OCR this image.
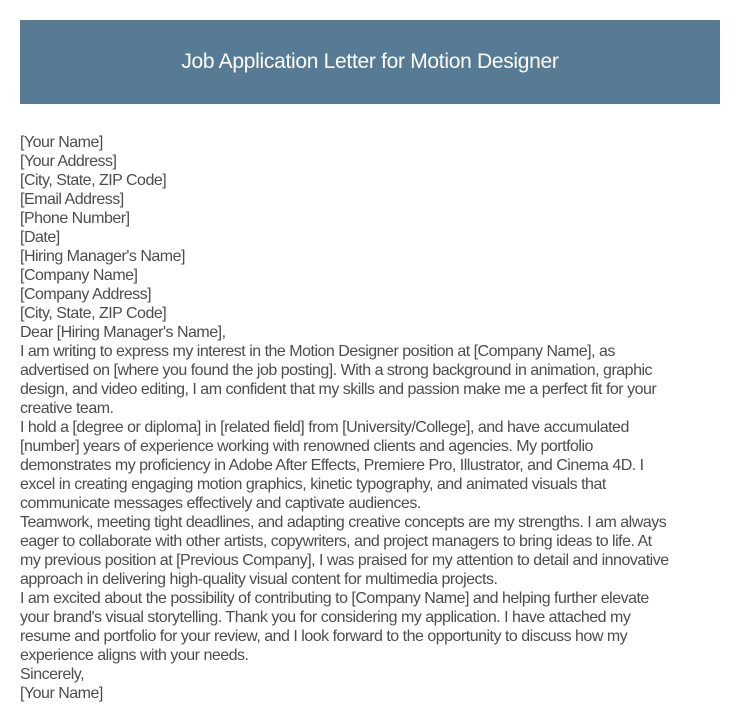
Job Application Letter for Motion Designer
[Your Name]
[Your Address]
[City, State, ZIP Code]
[Email Address]
[Phone Number]
[Date]
[Hiring Manager's Name]
[Company Name]
[Company Address]
[City, State, ZIP Code]
Dear [Hiring Manager's Name],
I am writing to express my interest in the Motion Designer position at [Company Name], as
advertised on [where you found the job posting]. With a strong background in animation, graphic
design, and video editing, I am confident that my skills and passion make me a perfect fit for your
creative team.
I hold a [degree or diploma] in [related field] from [University/College], and have accumulated
[number] years of experience working with renowned clients and agencies. My portfolio
demonstrates my proficiency in Adobe After Effects, Premiere Pro, Illustrator, and Cinema 4D. I
excel in creating engaging motion graphics, kinetic typography, and animated visuals that
communicate messages effectively and captivate audiences.
Teamwork, meeting tight deadlines, and adapting creative concepts are my strengths. I am always
eager to collaborate with other artists, copywriters, and project managers to bring ideas to life. At
my previous position at [Previous Company], I was praised for my attention to detail and innovative
approach in delivering high-quality visual content for multimedia projects.
I am excited about the possibility of contributing to [Company Name] and helping further elevate
your brand's visual storytelling. Thank you for considering my application. I have attached my
resume and portfolio for your review, and I look forward to the opportunity to discuss how my
experience aligns with your needs.
Sincerely,
[Your Name]
